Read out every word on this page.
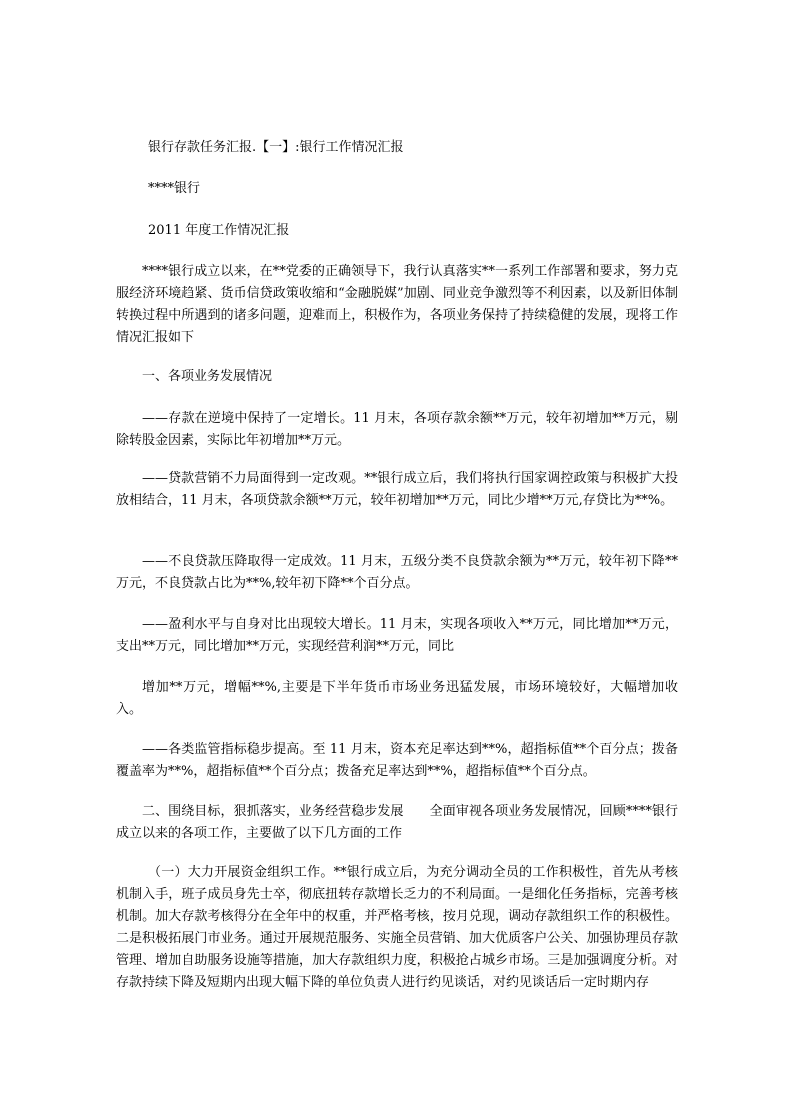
银行存款任务汇报.【一】:银行工作情况汇报
****银行
2011 年度工作情况汇报

****银行成立以来，在**党委的正确领导下，我行认真落实**一系列工作部署和要求，努力克服经济环境趋紧、货币信贷政策收缩和“金融脱媒”加剧、同业竞争激烈等不利因素，以及新旧体制转换过程中所遇到的诸多问题，迎难而上，积极作为，各项业务保持了持续稳健的发展，现将工作情况汇报如下

一、各项业务发展情况

——存款在逆境中保持了一定增长。11 月末，各项存款余额**万元，较年初增加**万元，剔除转股金因素，实际比年初增加**万元。

——贷款营销不力局面得到一定改观。**银行成立后，我们将执行国家调控政策与积极扩大投放相结合，11 月末，各项贷款余额**万元，较年初增加**万元，同比少增**万元,存贷比为**%。

——不良贷款压降取得一定成效。11 月末，五级分类不良贷款余额为**万元，较年初下降**万元，不良贷款占比为**%,较年初下降**个百分点。

——盈利水平与自身对比出现较大增长。11 月末，实现各项收入**万元，同比增加**万元，支出**万元，同比增加**万元，实现经营利润**万元，同比

增加**万元，增幅**%,主要是下半年货币市场业务迅猛发展，市场环境较好，大幅增加收入。

——各类监管指标稳步提高。至 11 月末，资本充足率达到**%，超指标值**个百分点；拨备覆盖率为**%，超指标值**个百分点；拨备充足率达到**%，超指标值**个百分点。

二、围绕目标，狠抓落实，业务经营稳步发展　　全面审视各项业务发展情况，回顾****银行成立以来的各项工作，主要做了以下几方面的工作

（一）大力开展资金组织工作。**银行成立后，为充分调动全员的工作积极性，首先从考核机制入手，班子成员身先士卒，彻底扭转存款增长乏力的不利局面。一是细化任务指标，完善考核机制。加大存款考核得分在全年中的权重，并严格考核，按月兑现，调动存款组织工作的积极性。二是积极拓展门市业务。通过开展规范服务、实施全员营销、加大优质客户公关、加强协理员存款管理、增加自助服务设施等措施，加大存款组织力度，积极抢占城乡市场。三是加强调度分析。对存款持续下降及短期内出现大幅下降的单位负责人进行约见谈话，对约见谈话后一定时期内存
